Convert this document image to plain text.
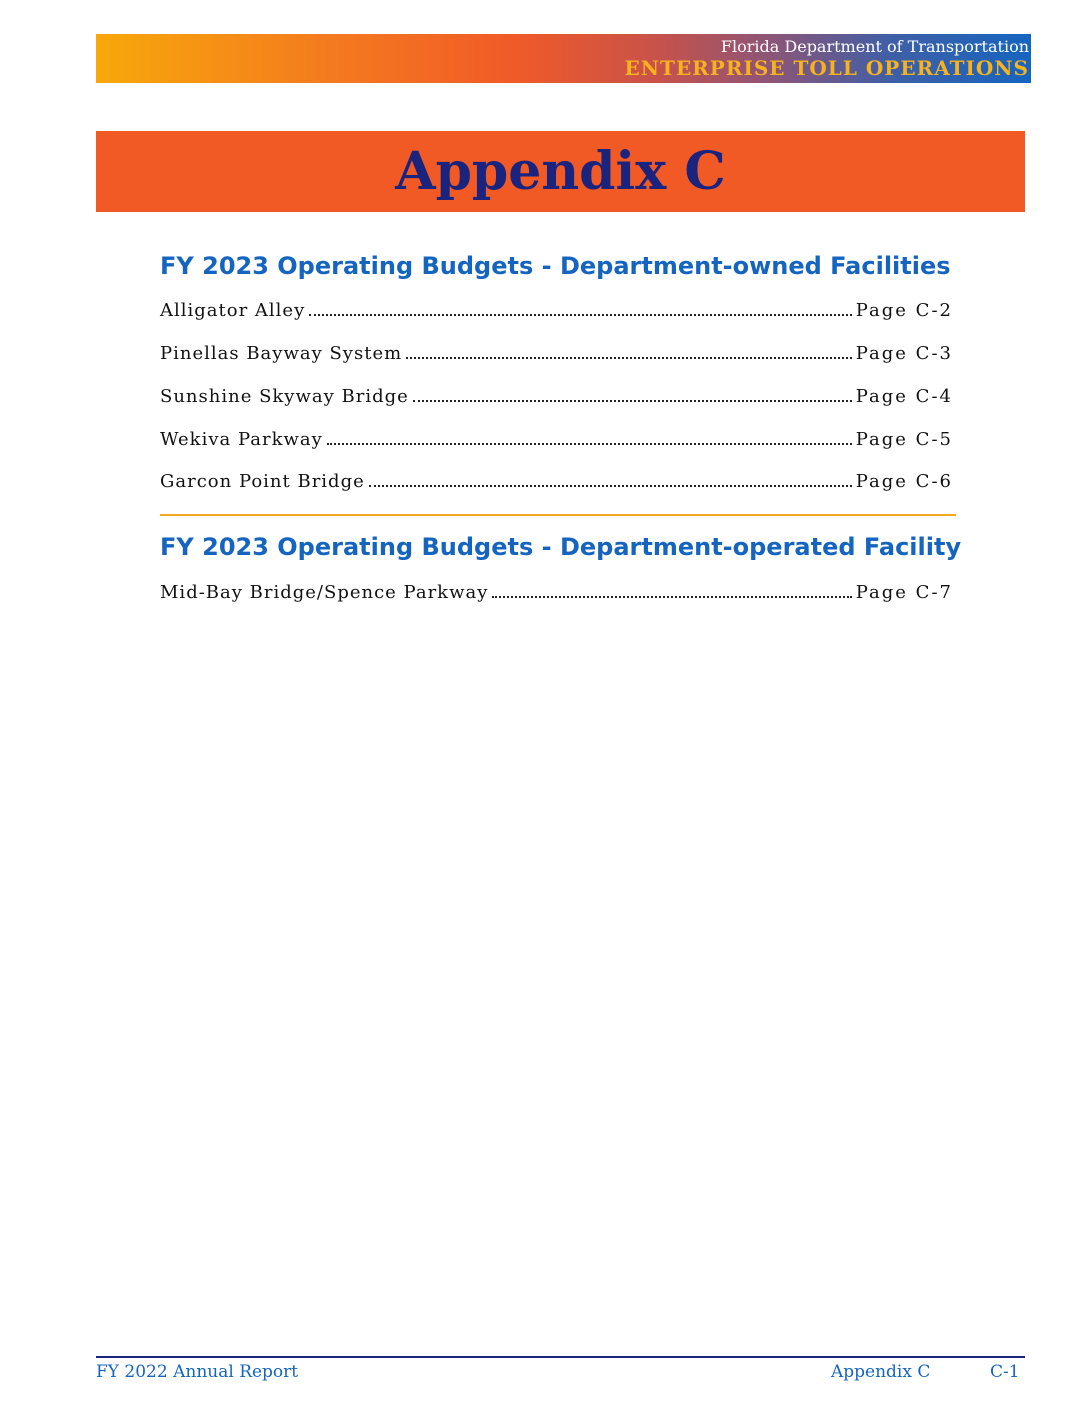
Florida Department of Transportation
ENTERPRISE TOLL OPERATIONS
Appendix C
FY 2023 Operating Budgets - Department-owned Facilities
Alligator Alley	Page C-2
Pinellas Bayway System	Page C-3
Sunshine Skyway Bridge	Page C-4
Wekiva Parkway	Page C-5
Garcon Point Bridge	Page C-6
FY 2023 Operating Budgets - Department-operated Facility
Mid-Bay Bridge/Spence Parkway	Page C-7
FY 2022 Annual Report	Appendix C	C-1
